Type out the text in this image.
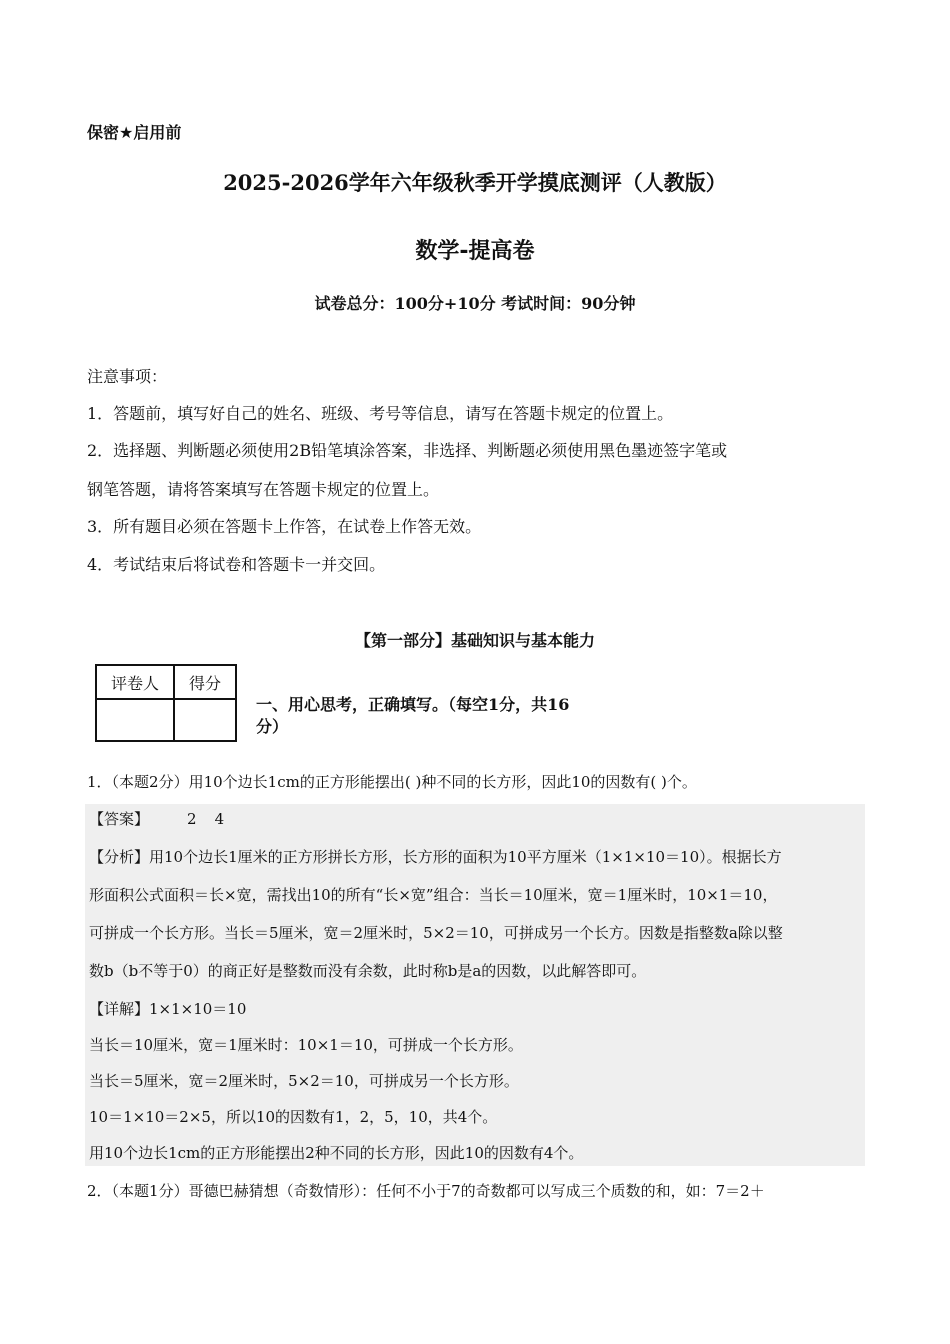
保密★启用前
2025-2026学年六年级秋季开学摸底测评（人教版）
数学-提高卷
试卷总分：100分+10分 考试时间：90分钟
注意事项：
1．答题前，填写好自己的姓名、班级、考号等信息，请写在答题卡规定的位置上。
2．选择题、判断题必须使用2B铅笔填涂答案，非选择、判断题必须使用黑色墨迹签字笔或
钢笔答题，请将答案填写在答题卡规定的位置上。
3．所有题目必须在答题卡上作答，在试卷上作答无效。
4．考试结束后将试卷和答题卡一并交回。
【第一部分】基础知识与基本能力
评卷人	得分

一、用心思考，正确填写。（每空1分，共16
分）
1．（本题2分）用10个边长1cm的正方形能摆出( )种不同的长方形，因此10的因数有( )个。
【答案】	2 4
【分析】用10个边长1厘米的正方形拼长方形，长方形的面积为10平方厘米（1×1×10＝10）。根据长方
形面积公式面积＝长×宽，需找出10的所有“长×宽”组合：当长＝10厘米，宽＝1厘米时，10×1＝10，
可拼成一个长方形。当长＝5厘米，宽＝2厘米时，5×2＝10，可拼成另一个长方。因数是指整数a除以整
数b（b不等于0）的商正好是整数而没有余数，此时称b是a的因数，以此解答即可。
【详解】1×1×10＝10
当长＝10厘米，宽＝1厘米时：10×1＝10，可拼成一个长方形。
当长＝5厘米，宽＝2厘米时，5×2＝10，可拼成另一个长方形。
10＝1×10＝2×5，所以10的因数有1，2，5，10，共4个。
用10个边长1cm的正方形能摆出2种不同的长方形，因此10的因数有4个。
2．（本题1分）哥德巴赫猜想（奇数情形）：任何不小于7的奇数都可以写成三个质数的和，如：7＝2＋
